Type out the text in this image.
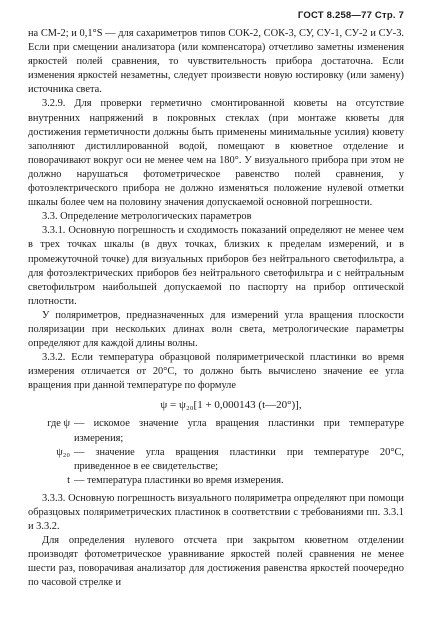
ГОСТ 8.258—77 Стр. 7

на СМ-2; и 0,1°S — для сахариметров типов СОК-2, СОК-3, СУ, СУ-1, СУ-2 и СУ-3. Если при смещении анализатора (или компенсатора) отчетливо заметны изменения яркостей полей сравнения, то чувствительность прибора достаточна. Если изменения яркостей незаметны, следует произвести новую юстировку (или замену) источника света.

3.2.9. Для проверки герметично смонтированной кюветы на отсутствие внутренних напряжений в покровных стеклах (при монтаже кюветы для достижения герметичности должны быть применены минимальные усилия) кювету заполняют дистиллированной водой, помещают в кюветное отделение и поворачивают вокруг оси не менее чем на 180°. У визуального прибора при этом не должно нарушаться фотометрическое равенство полей сравнения, у фотоэлектрического прибора не должно изменяться положение нулевой отметки шкалы более чем на половину значения допускаемой основной погрешности.

3.3. Определение метрологических параметров

3.3.1. Основную погрешность и сходимость показаний определяют не менее чем в трех точках шкалы (в двух точках, близких к пределам измерений, и в промежуточной точке) для визуальных приборов без нейтрального светофильтра, а для фотоэлектрических приборов без нейтрального светофильтра и с нейтральным светофильтром наибольшей допускаемой по паспорту на прибор оптической плотности.

У поляриметров, предназначенных для измерений угла вращения плоскости поляризации при нескольких длинах волн света, метрологические параметры определяют для каждой длины волны.

3.3.2. Если температура образцовой поляриметрической пластинки во время измерения отличается от 20°С, то должно быть вычислено значение ее угла вращения при данной температуре по формуле

ψ = ψ₂₀[1 + 0,000143 (t—20°)],
где ψ — искомое значение угла вращения пластинки при температуре измерения;
ψ₂₀ — значение угла вращения пластинки при температуре 20°С, приведенное в ее свидетельстве;
t — температура пластинки во время измерения.

3.3.3. Основную погрешность визуального поляриметра определяют при помощи образцовых поляриметрических пластинок в соответствии с требованиями пп. 3.3.1 и 3.3.2.

Для определения нулевого отсчета при закрытом кюветном отделении производят фотометрическое уравнивание яркостей полей сравнения не менее шести раз, поворачивая анализатор для достижения равенства яркостей поочередно по часовой стрелке и
